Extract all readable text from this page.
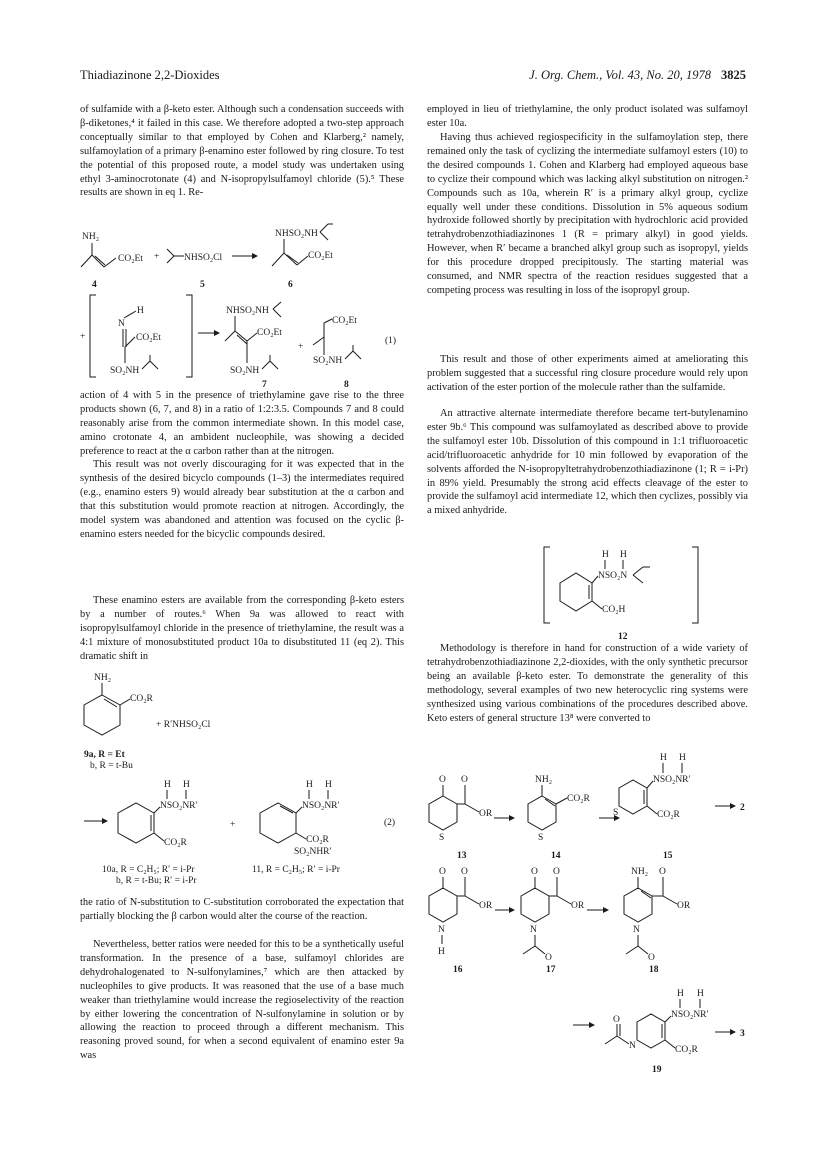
Thiadiazinone 2,2-Dioxides	J. Org. Chem., Vol. 43, No. 20, 1978 3825

of sulfamide with a β-keto ester. Although such a condensation succeeds with β-diketones,⁴ it failed in this case. We therefore adopted a two-step approach conceptually similar to that employed by Cohen and Klarberg,² namely, sulfamoylation of a primary β-enamino ester followed by ring closure. To test the potential of this proposed route, a model study was undertaken using ethyl 3-aminocrotonate (4) and N-isopropylsulfamoyl chloride (5).⁵ These results are shown in eq 1. Re-

action of 4 with 5 in the presence of triethylamine gave rise to the three products shown (6, 7, and 8) in a ratio of 1:2:3.5. Compounds 7 and 8 could reasonably arise from the common intermediate shown. In this model case, amino crotonate 4, an ambident nucleophile, was showing a decided preference to react at the α carbon rather than at the nitrogen.

This result was not overly discouraging for it was expected that in the synthesis of the desired bicyclo compounds (1–3) the intermediates required (e.g., enamino esters 9) would already bear substitution at the α carbon and that this substitution would promote reaction at nitrogen. Accordingly, the model system was abandoned and attention was focused on the cyclic β-enamino esters needed for the bicyclic compounds desired.

These enamino esters are available from the corresponding β-keto esters by a number of routes.⁶ When 9a was allowed to react with isopropylsulfamoyl chloride in the presence of triethylamine, the result was a 4:1 mixture of monosubstituted product 10a to disubstituted 11 (eq 2). This dramatic shift in

the ratio of N-substitution to C-substitution corroborated the expectation that partially blocking the β carbon would alter the course of the reaction.

Nevertheless, better ratios were needed for this to be a synthetically useful transformation. In the presence of a base, sulfamoyl chlorides are dehydrohalogenated to N-sulfonylamines,⁷ which are then attacked by nucleophiles to give products. It was reasoned that the use of a base much weaker than triethylamine would increase the regioselectivity of the reaction by either lowering the concentration of N-sulfonylamine in solution or by allowing the reaction to proceed through a different mechanism. This reasoning proved sound, for when a second equivalent of enamino ester 9a was

employed in lieu of triethylamine, the only product isolated was sulfamoyl ester 10a.

Having thus achieved regiospecificity in the sulfamoylation step, there remained only the task of cyclizing the intermediate sulfamoyl esters (10) to the desired compounds 1. Cohen and Klarberg had employed aqueous base to cyclize their compound which was lacking alkyl substitution on nitrogen.² Compounds such as 10a, wherein R′ is a primary alkyl group, cyclize equally well under these conditions. Dissolution in 5% aqueous sodium hydroxide followed shortly by precipitation with hydrochloric acid provided tetrahydrobenzothiadiazinones 1 (R = primary alkyl) in good yields. However, when R′ became a branched alkyl group such as isopropyl, yields for this procedure dropped precipitously. The starting material was consumed, and NMR spectra of the reaction residues suggested that a competing process was resulting in loss of the isopropyl group.

This result and those of other experiments aimed at ameliorating this problem suggested that a successful ring closure procedure would rely upon activation of the ester portion of the molecule rather than the sulfamide.

An attractive alternate intermediate therefore became tert-butylenamino ester 9b.⁶ This compound was sulfamoylated as described above to provide the sulfamoyl ester 10b. Dissolution of this compound in 1:1 trifluoroacetic acid/trifluoroacetic anhydride for 10 min followed by evaporation of the solvents afforded the N-isopropyltetrahydrobenzothiadiazinone (1; R = i-Pr) in 89% yield. Presumably the strong acid effects cleavage of the ester to provide the sulfamoyl acid intermediate 12, which then cyclizes, possibly via a mixed anhydride.

Methodology is therefore in hand for construction of a wide variety of tetrahydrobenzothiadiazinone 2,2-dioxides, with the only synthetic precursor being an available β-keto ester. To demonstrate the generality of this methodology, several examples of two new heterocyclic ring systems were synthesized using various combinations of the procedures described above. Keto esters of general structure 13⁸ were converted to

NH₂
CO₂Et +	NHSO₂Cl
NHSO₂NH
CO₂Et
4	5	6
+
N
H
CO₂Et
SO₂NH
NHSO₂NH
CO₂Et
SO₂NH
+
CO₂Et
SO₂NH
(1)
7	8
NH₂
CO₂R
+ R′NHSO₂Cl
9a, R = Et
b, R = t-Bu
H H
NSO₂NR′
CO₂R
+
H H
NSO₂NR′
CO₂R
SO₂NHR′
(2)
10a, R = C₂H₅; R′ = i-Pr
b, R = t-Bu; R′ = i-Pr
11, R = C₂H₅; R′ = i-Pr
H H
NSO₂N
CO₂H
12
O O
OR
S
NH₂
CO₂R
S
H H
NSO₂NR′
CO₂R
S	2
13	14	15
O O
OR
N
H
O O
OR
N
O
NH₂ O
OR
N
O
16	17	18
H H
NSO₂NR′
CO₂R
N
O
3
19
